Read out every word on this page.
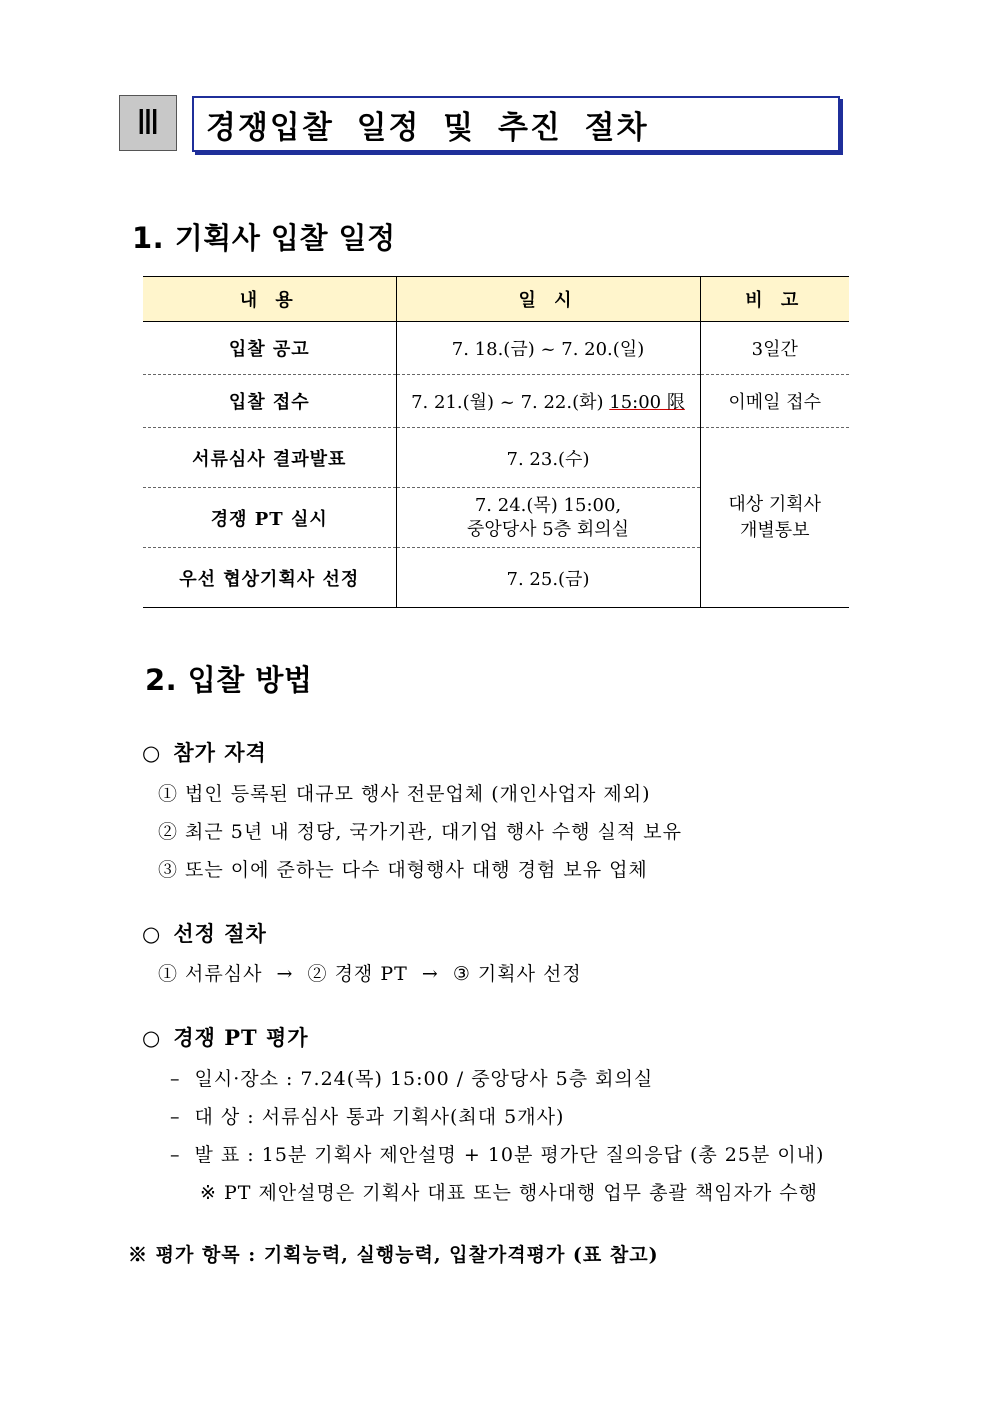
Ⅲ	경쟁입찰 일정 및 추진 절차
1. 기획사 입찰 일정
내 용	일 시	비 고
입찰 공고	7. 18.(금) ~ 7. 20.(일)	3일간
입찰 접수	7. 21.(월) ~ 7. 22.(화) 15:00 限	이메일 접수
서류심사 결과발표	7. 23.(수)	대상 기획사
개별통보

경쟁 PT 실시	7. 24.(목) 15:00,
중앙당사 5층 회의실	

우선 협상기획사 선정	7. 25.(금)	
2. 입찰 방법
○ 참가 자격
① 법인 등록된 대규모 행사 전문업체 (개인사업자 제외)
② 최근 5년 내 정당, 국가기관, 대기업 행사 수행 실적 보유
③ 또는 이에 준하는 다수 대형행사 대행 경험 보유 업체
○ 선정 절차
① 서류심사  →  ② 경쟁 PT  →  ③ 기획사 선정
○ 경쟁 PT 평가
– 일시·장소 : 7.24(목) 15:00 / 중앙당사 5층 회의실
– 대 상 : 서류심사 통과 기획사(최대 5개사)
– 발 표 : 15분 기획사 제안설명 + 10분 평가단 질의응답 (총 25분 이내)
※ PT 제안설명은 기획사 대표 또는 행사대행 업무 총괄 책임자가 수행
※ 평가 항목 : 기획능력, 실행능력, 입찰가격평가 (표 참고)
